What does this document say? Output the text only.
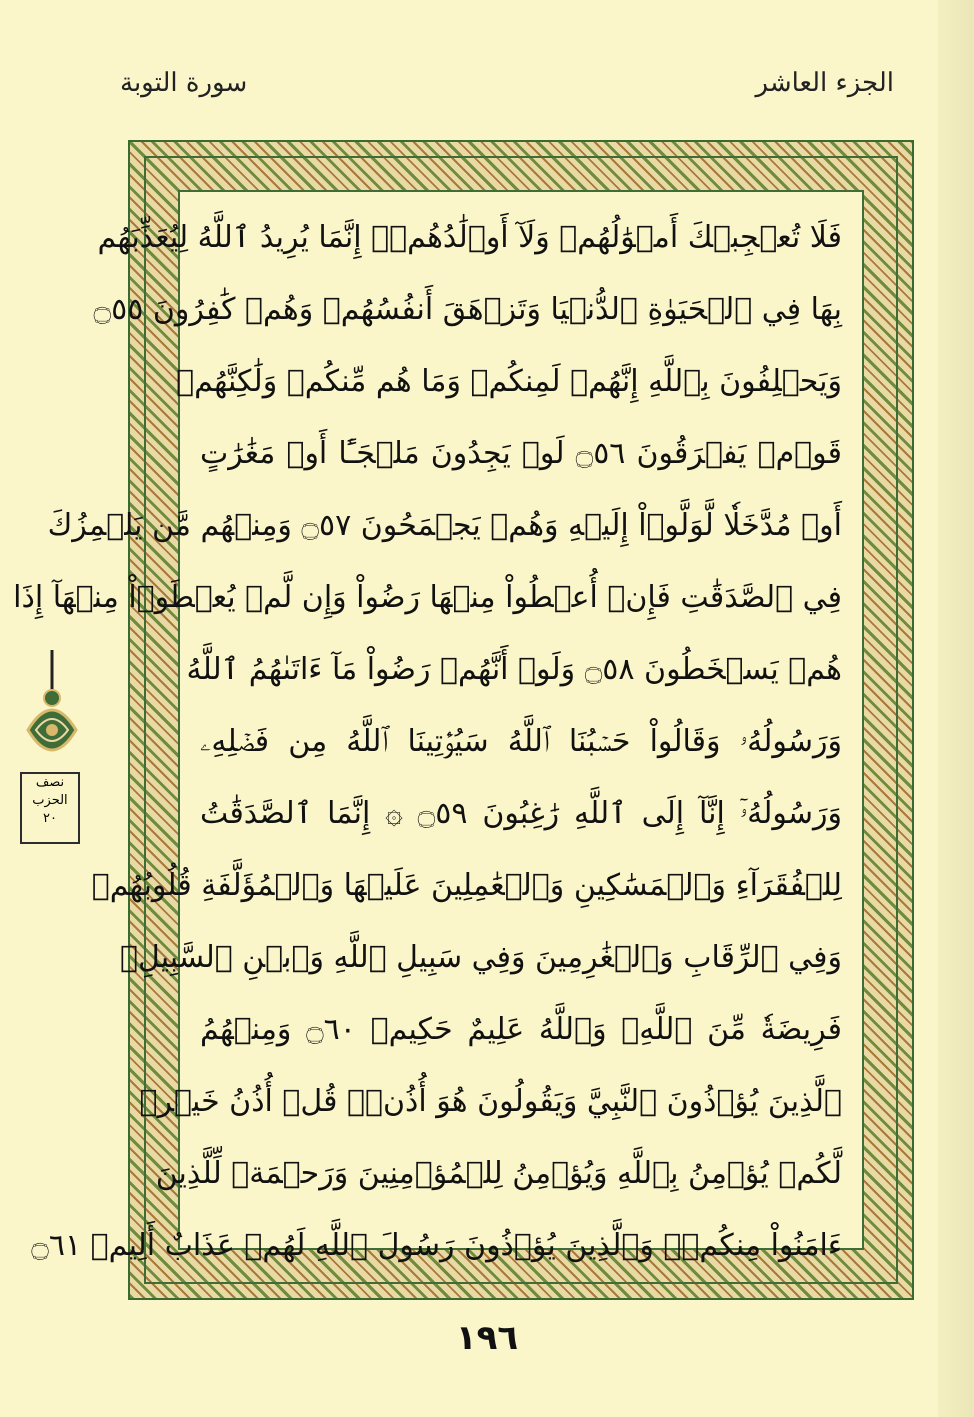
الجزء العاشر
سورة التوبة
فَلَا تُعۡجِبۡكَ أَمۡوَٰلُهُمۡ وَلَآ أَوۡلَٰدُهُمۡۚ إِنَّمَا يُرِيدُ ٱللَّهُ لِيُعَذِّبَهُم
بِهَا فِي ٱلۡحَيَوٰةِ ٱلدُّنۡيَا وَتَزۡهَقَ أَنفُسُهُمۡ وَهُمۡ كَٰفِرُونَ ۝٥٥
وَيَحۡلِفُونَ بِٱللَّهِ إِنَّهُمۡ لَمِنكُمۡ وَمَا هُم مِّنكُمۡ وَلَٰكِنَّهُمۡ
قَوۡمٞ يَفۡرَقُونَ ۝٥٦ لَوۡ يَجِدُونَ مَلۡجَـًٔا أَوۡ مَغَٰرَٰتٍ
أَوۡ مُدَّخَلٗا لَّوَلَّوۡاْ إِلَيۡهِ وَهُمۡ يَجۡمَحُونَ ۝٥٧ وَمِنۡهُم مَّن يَلۡمِزُكَ
فِي ٱلصَّدَقَٰتِ فَإِنۡ أُعۡطُواْ مِنۡهَا رَضُواْ وَإِن لَّمۡ يُعۡطَوۡاْ مِنۡهَآ إِذَا
هُمۡ يَسۡخَطُونَ ۝٥٨ وَلَوۡ أَنَّهُمۡ رَضُواْ مَآ ءَاتَىٰهُمُ ٱللَّهُ
وَرَسُولُهُۥ وَقَالُواْ حَسۡبُنَا ٱللَّهُ سَيُؤۡتِينَا ٱللَّهُ مِن فَضۡلِهِۦ
وَرَسُولُهُۥٓ إِنَّآ إِلَى ٱللَّهِ رَٰغِبُونَ ۝٥٩ ۞ إِنَّمَا ٱلصَّدَقَٰتُ
لِلۡفُقَرَآءِ وَٱلۡمَسَٰكِينِ وَٱلۡعَٰمِلِينَ عَلَيۡهَا وَٱلۡمُؤَلَّفَةِ قُلُوبُهُمۡ
وَفِي ٱلرِّقَابِ وَٱلۡغَٰرِمِينَ وَفِي سَبِيلِ ٱللَّهِ وَٱبۡنِ ٱلسَّبِيلِۖ
فَرِيضَةٗ مِّنَ ٱللَّهِۗ وَٱللَّهُ عَلِيمٌ حَكِيمٞ ۝٦٠ وَمِنۡهُمُ
ٱلَّذِينَ يُؤۡذُونَ ٱلنَّبِيَّ وَيَقُولُونَ هُوَ أُذُنٞۚ قُلۡ أُذُنُ خَيۡرٖ
لَّكُمۡ يُؤۡمِنُ بِٱللَّهِ وَيُؤۡمِنُ لِلۡمُؤۡمِنِينَ وَرَحۡمَةٞ لِّلَّذِينَ
ءَامَنُواْ مِنكُمۡۚ وَٱلَّذِينَ يُؤۡذُونَ رَسُولَ ٱللَّهِ لَهُمۡ عَذَابٌ أَلِيمٞ ۝٦١
نصف
الحزب
٢٠
١٩٦
